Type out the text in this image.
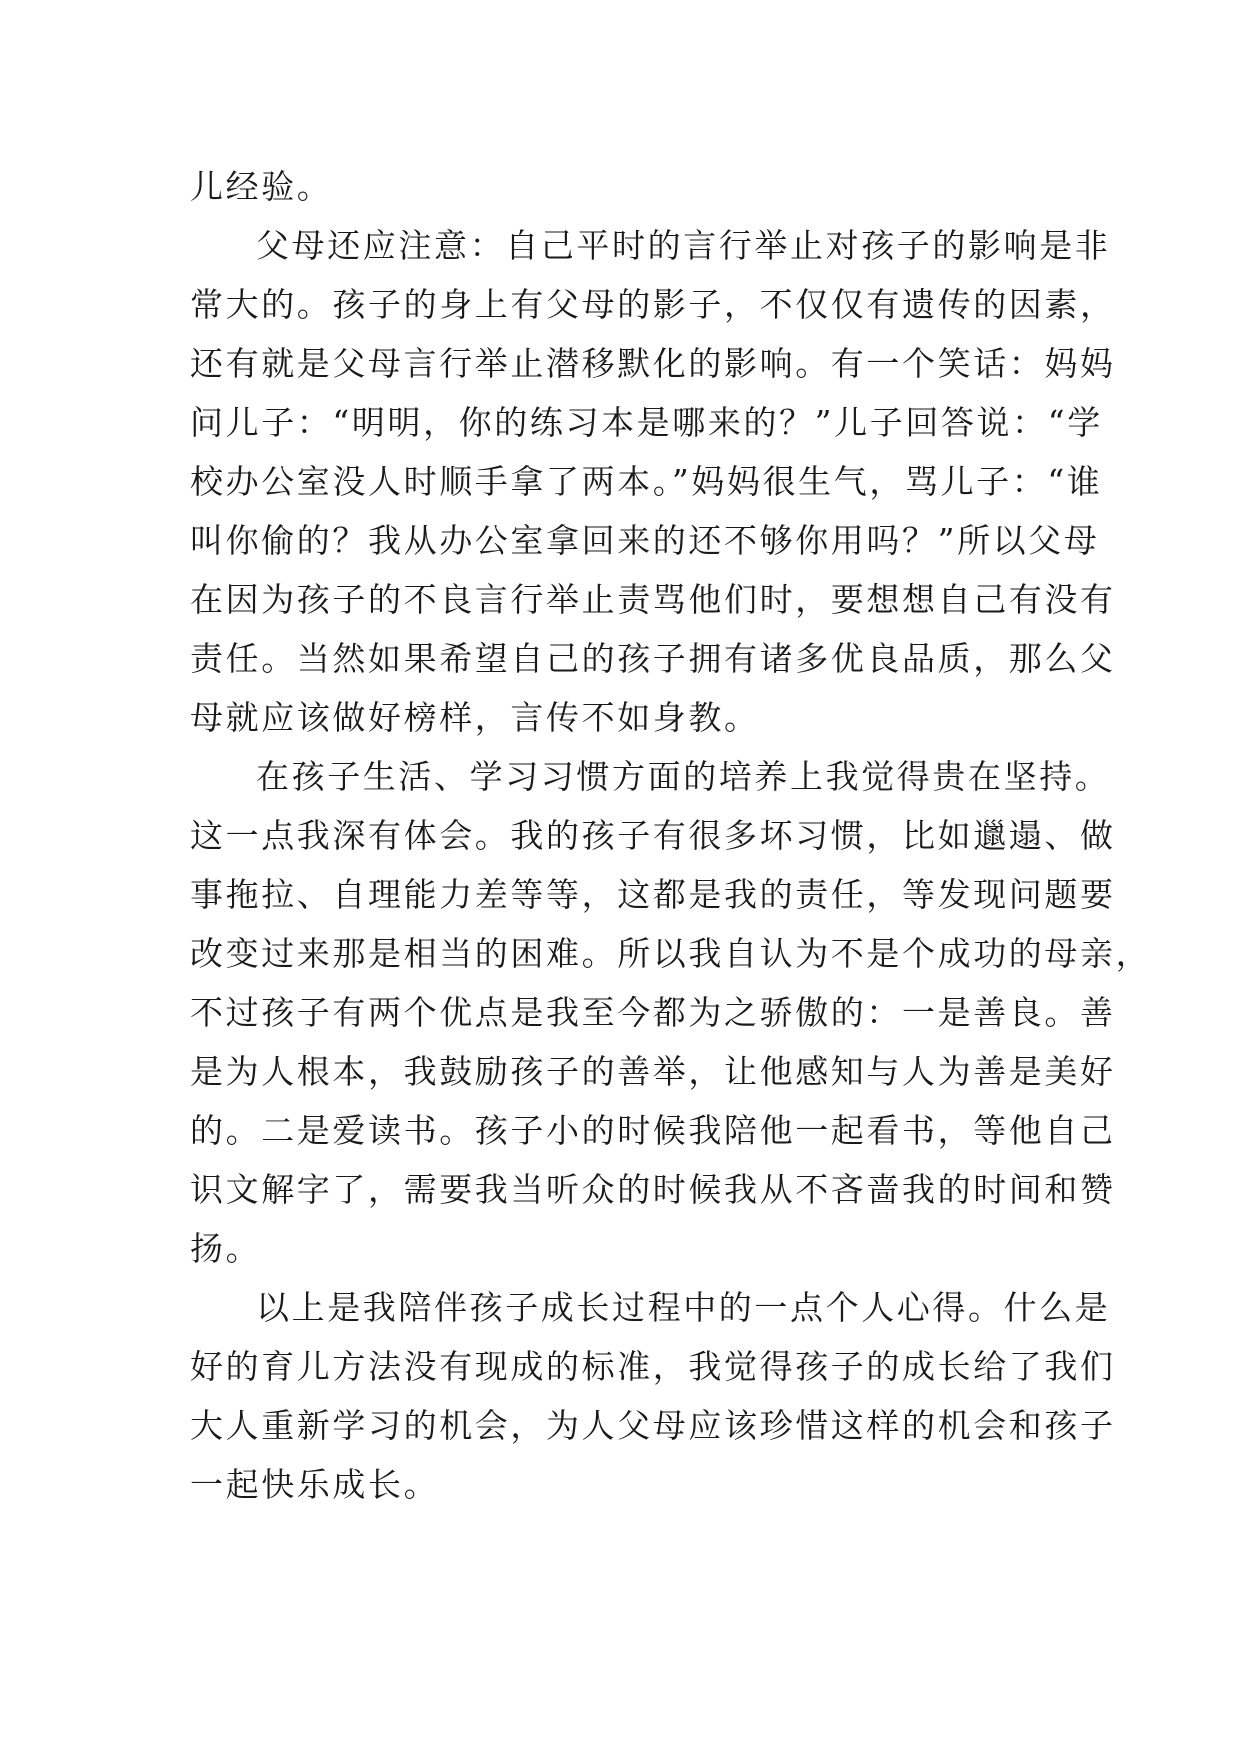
儿经验。
父母还应注意：自己平时的言行举止对孩子的影响是非
常大的。孩子的身上有父母的影子，不仅仅有遗传的因素，
还有就是父母言行举止潜移默化的影响。有一个笑话：妈妈
问儿子：“明明，你的练习本是哪来的？”儿子回答说：“学
校办公室没人时顺手拿了两本。”妈妈很生气，骂儿子：“谁
叫你偷的？我从办公室拿回来的还不够你用吗？”所以父母
在因为孩子的不良言行举止责骂他们时，要想想自己有没有
责任。当然如果希望自己的孩子拥有诸多优良品质，那么父
母就应该做好榜样，言传不如身教。
在孩子生活、学习习惯方面的培养上我觉得贵在坚持。
这一点我深有体会。我的孩子有很多坏习惯，比如邋遢、做
事拖拉、自理能力差等等，这都是我的责任，等发现问题要
改变过来那是相当的困难。所以我自认为不是个成功的母亲，
不过孩子有两个优点是我至今都为之骄傲的：一是善良。善
是为人根本，我鼓励孩子的善举，让他感知与人为善是美好
的。二是爱读书。孩子小的时候我陪他一起看书，等他自己
识文解字了，需要我当听众的时候我从不吝啬我的时间和赞
扬。
以上是我陪伴孩子成长过程中的一点个人心得。什么是
好的育儿方法没有现成的标准，我觉得孩子的成长给了我们
大人重新学习的机会，为人父母应该珍惜这样的机会和孩子
一起快乐成长。
